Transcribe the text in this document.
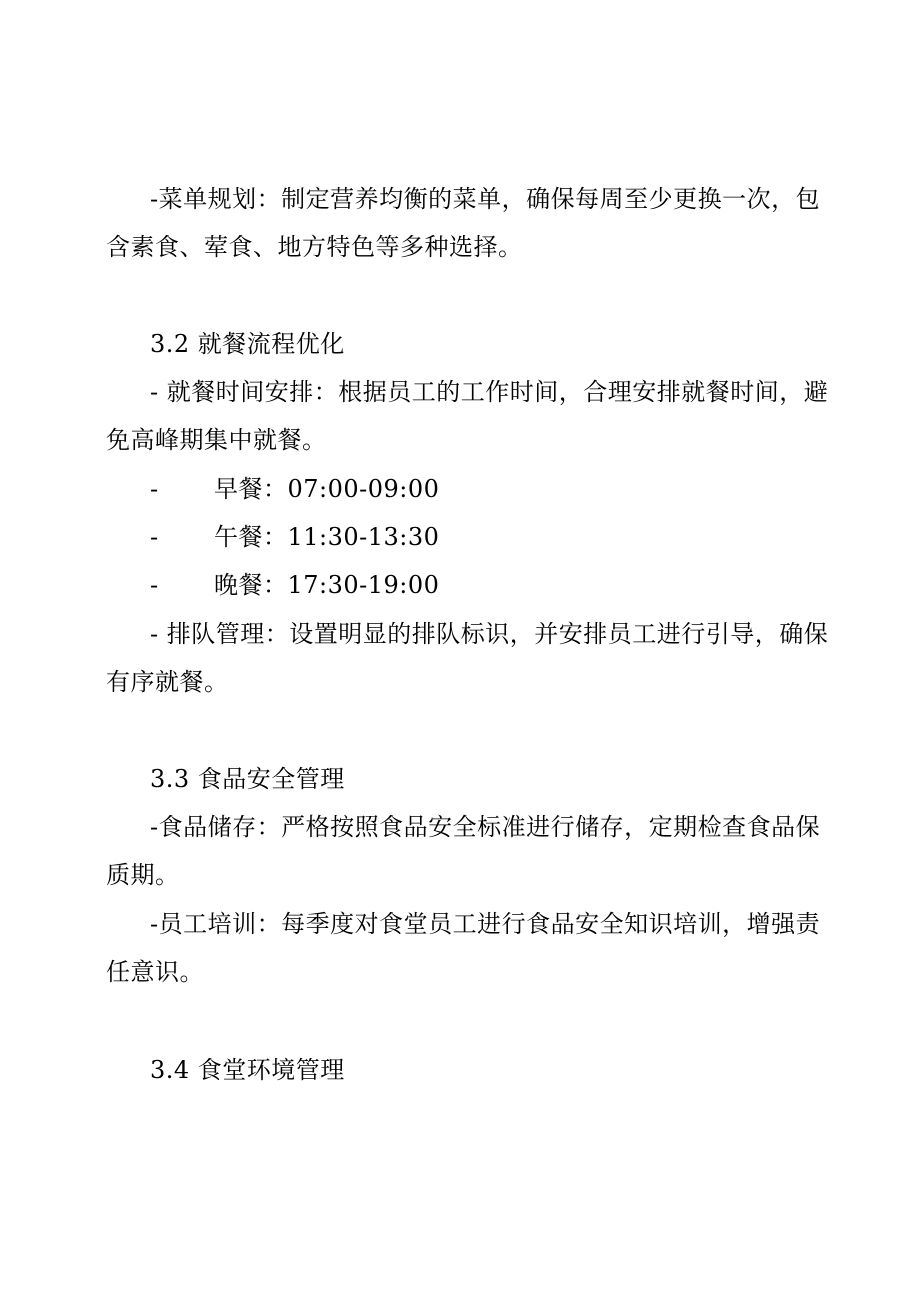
-菜单规划：制定营养均衡的菜单，确保每周至少更换一次，包
含素食、荤食、地方特色等多种选择。
3.2 就餐流程优化
- 就餐时间安排：根据员工的工作时间，合理安排就餐时间，避
免高峰期集中就餐。
- 早餐：07:00-09:00
- 午餐：11:30-13:30
- 晚餐：17:30-19:00
- 排队管理：设置明显的排队标识，并安排员工进行引导，确保
有序就餐。
3.3 食品安全管理
-食品储存：严格按照食品安全标准进行储存，定期检查食品保
质期。
-员工培训：每季度对食堂员工进行食品安全知识培训，增强责
任意识。
3.4 食堂环境管理
